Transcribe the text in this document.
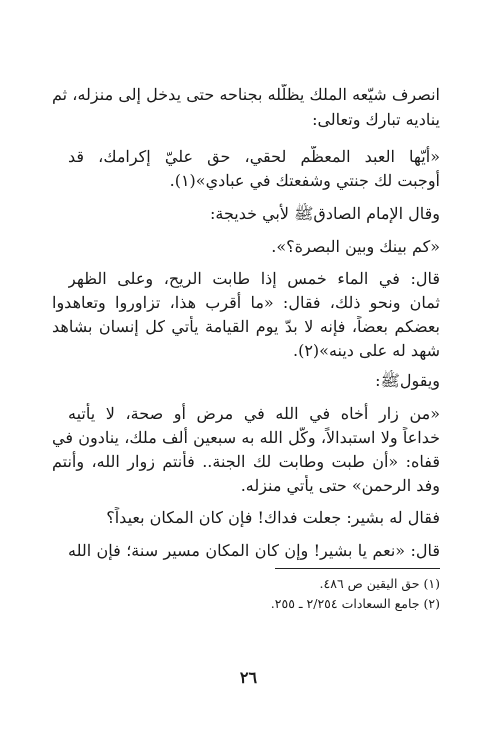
انصرف شيّعه الملك يظلّله بجناحه حتى يدخل إلى منزله، ثم
يناديه تبارك وتعالى:
«أيّها العبد المعظّم لحقي، حق عليّ إكرامك، قد
أوجبت لك جنتي وشفعتك في عبادي»(١).
وقال الإمام الصادقﷺ لأبي خديجة:
«كم بينك وبين البصرة؟».
قال: في الماء خمس إذا طابت الريح، وعلى الظهر
ثمان ونحو ذلك، فقال: «ما أقرب هذا، تزاوروا وتعاهدوا
بعضكم بعضاً، فإنه لا بدّ يوم القيامة يأتي كل إنسان بشاهد
شهد له على دينه»(٢).
ويقولﷺ:
«من زار أخاه في الله في مرض أو صحة، لا يأتيه
خداعاً ولا استبدالاً، وكّل الله به سبعين ألف ملك، ينادون في
قفاه: «أن طبت وطابت لك الجنة.. فأنتم زوار الله، وأنتم
وفد الرحمن» حتى يأتي منزله.
فقال له بشير: جعلت فداك! فإن كان المكان بعيداً؟
قال: «نعم يا بشير! وإن كان المكان مسير سنة؛ فإن الله
(١) حق اليقين ص ٤٨٦.
(٢) جامع السعادات ٢/٢٥٤ ـ ٢٥٥.
٢٦
